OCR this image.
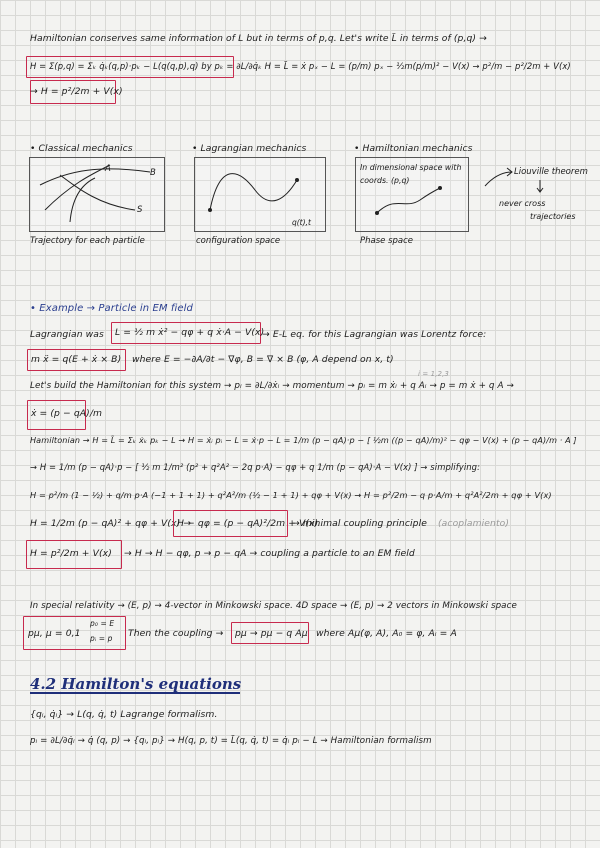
Hamiltonian conserves same information of L but in terms of p,q. Let's write L̃ in terms of (p,q) →
H = Σ(p,q) = Σₖ q̇ₖ(q,p)·pₖ − L(q(q,p),q) by pₖ = ∂L/∂q̇ₖ H = L̃ = ẋ pₓ − L = (p/m) pₓ − ½m(p/m)² − V(x) → p²/m − p²/2m + V(x)
→ H = p²/2m + V(x)
• Classical mechanics	• Lagrangian mechanics	• Hamiltonian mechanics
A	B
S
q(t),t
In dimensional space with
coords. (p,q)
Liouville theorem
never cross
trajectories
Trajectory for each particle	configuration space	Phase space
• Example → Particle in EM field
Lagrangian was L = ½ m ẋ² − qφ + q ẋ·A − V(x)
→ E-L eq. for this Lagrangian was Lorentz force:
m ẍ = q(E + ẋ × B) where E = −∂A/∂t − ∇φ, B = ∇ × B (φ, A depend on x, t)
i = 1,2,3
Let's build the Hamiltonian for this system → pᵢ = ∂L/∂ẋᵢ → momentum → pᵢ = m ẋᵢ + q Aᵢ → p = m ẋ + q A →
ẋ = (p − qA)/m
Hamiltonian → H = L̃ = Σₖ ẋₖ pₖ − L → H = ẋᵢ pᵢ − L = ẋ·p − L = 1/m (p − qA)·p − [ ½m ((p − qA)/m)² − qφ − V(x) + (p − qA)/m · A ]
→ H = 1/m (p − qA)·p − [ ½ m 1/m² (p² + q²A² − 2q p·A) − qφ + q 1/m (p − qA)·A − V(x) ] → simplifying:
H = p²/m (1 − ½) + q/m p·A (−1 + 1 + 1) + q²A²/m (½ − 1 + 1) + qφ + V(x) → H = p²/2m − q p·A/m + q²A²/2m + qφ + V(x)
H = 1/2m (p − qA)² + qφ + V(x) →
H − qφ = (p − qA)²/2m + V(x)
→ minimal coupling principle (acoplamiento)
H = p²/2m + V(x) → H → H − qφ, p → p − qA → coupling a particle to an EM field
In special relativity → (E, p) → 4-vector in Minkowski space. 4D space → (E, p) → 2 vectors in Minkowski space
pμ, μ = 0,1
p₀ = E
pᵢ = p Then the coupling → pμ → pμ − q Aμ where Aμ(φ, A), A₀ = φ, Aᵢ = A
4.2 Hamilton's equations
{qᵢ, q̇ᵢ} → L(q, q̇, t) Lagrange formalism.
pᵢ = ∂L/∂q̇ᵢ → q̇ (q, p) → {qᵢ, pᵢ} → H(q, p, t) = L̃(q, q̇, t) = q̇ᵢ pᵢ − L → Hamiltonian formalism
